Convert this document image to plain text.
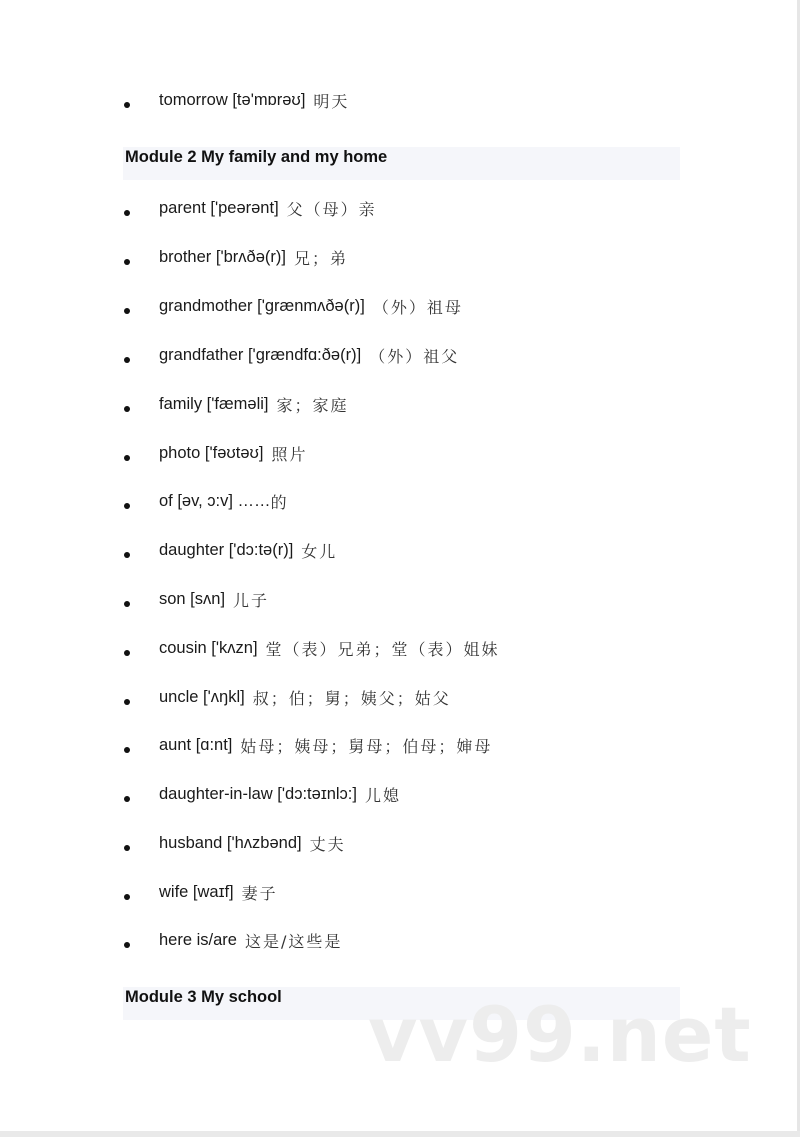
tomorrow [tə'mɒrəʊ] 明天
Module 2 My family and my home
parent ['peərənt] 父（母）亲
brother ['brʌðə(r)] 兄；弟
grandmother ['grænmʌðə(r)] （外）祖母
grandfather ['grændfɑ:ðə(r)] （外）祖父
family ['fæməli] 家；家庭
photo ['fəʊtəʊ] 照片
of [əv, ɔ:v] …… 的
daughter ['dɔ:tə(r)] 女儿
son [sʌn] 儿子
cousin ['kʌzn] 堂（表）兄弟；堂（表）姐妹
uncle ['ʌŋkl] 叔；伯；舅；姨父；姑父
aunt [ɑ:nt] 姑母；姨母；舅母；伯母；婶母
daughter-in-law ['dɔ:təɪnlɔ:] 儿媳
husband ['hʌzbənd] 丈夫
wife [waɪf] 妻子
here is/are 这是/这些是
Module 3 My school	vv99.net
